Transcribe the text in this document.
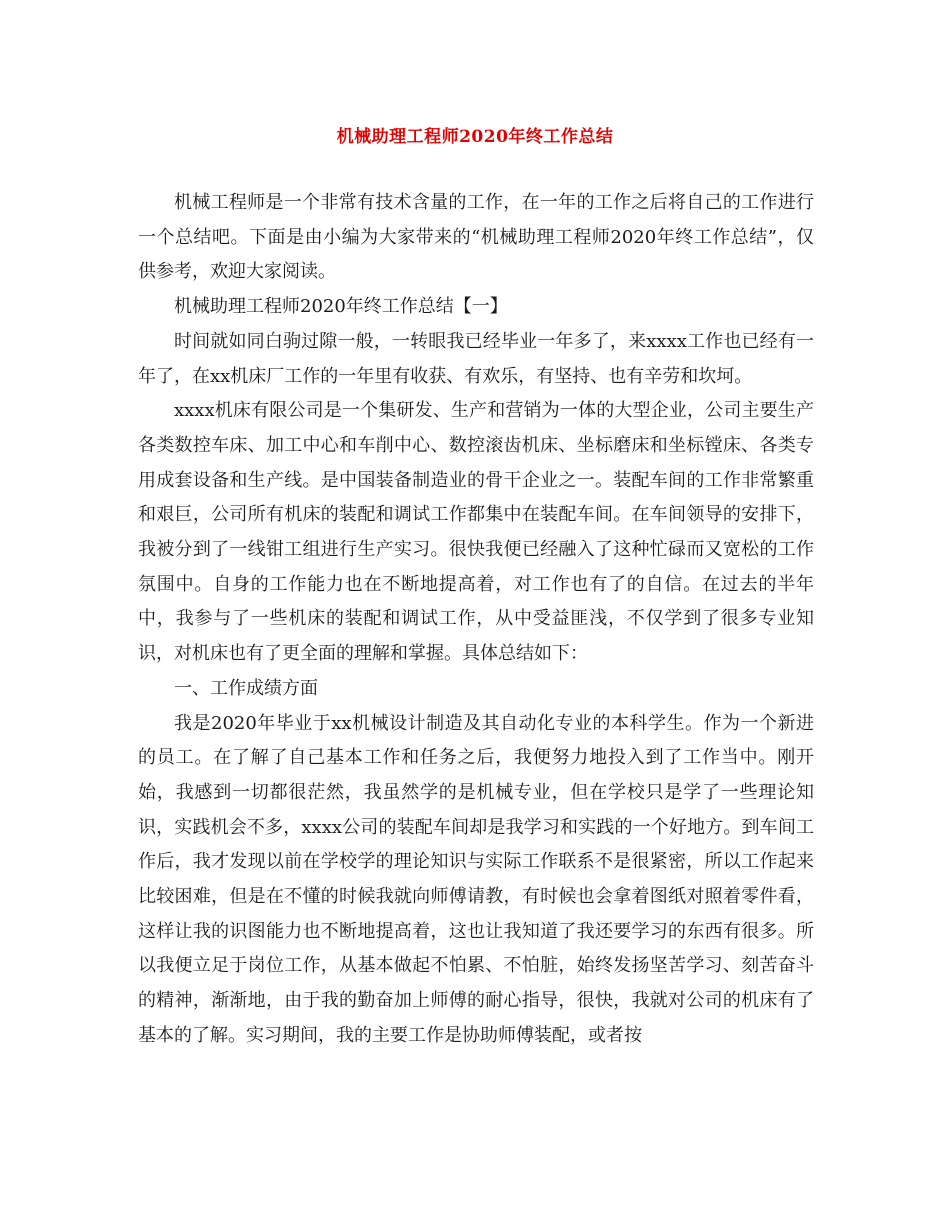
机械助理工程师2020年终工作总结

机械工程师是一个非常有技术含量的工作，在一年的工作之后将自己的工作进行一个总结吧。下面是由小编为大家带来的“机械助理工程师2020年终工作总结”，仅供参考，欢迎大家阅读。

机械助理工程师2020年终工作总结【一】

时间就如同白驹过隙一般，一转眼我已经毕业一年多了，来xxxx工作也已经有一年了，在xx机床厂工作的一年里有收获、有欢乐，有坚持、也有辛劳和坎坷。

xxxx机床有限公司是一个集研发、生产和营销为一体的大型企业，公司主要生产各类数控车床、加工中心和车削中心、数控滚齿机床、坐标磨床和坐标镗床、各类专用成套设备和生产线。是中国装备制造业的骨干企业之一。装配车间的工作非常繁重和艰巨，公司所有机床的装配和调试工作都集中在装配车间。在车间领导的安排下，我被分到了一线钳工组进行生产实习。很快我便已经融入了这种忙碌而又宽松的工作氛围中。自身的工作能力也在不断地提高着，对工作也有了的自信。在过去的半年中，我参与了一些机床的装配和调试工作，从中受益匪浅，不仅学到了很多专业知识，对机床也有了更全面的理解和掌握。具体总结如下：

一、工作成绩方面

我是2020年毕业于xx机械设计制造及其自动化专业的本科学生。作为一个新进的员工。在了解了自己基本工作和任务之后，我便努力地投入到了工作当中。刚开始，我感到一切都很茫然，我虽然学的是机械专业，但在学校只是学了一些理论知识，实践机会不多，xxxx公司的装配车间却是我学习和实践的一个好地方。到车间工作后，我才发现以前在学校学的理论知识与实际工作联系不是很紧密，所以工作起来比较困难，但是在不懂的时候我就向师傅请教，有时候也会拿着图纸对照着零件看，这样让我的识图能力也不断地提高着，这也让我知道了我还要学习的东西有很多。所以我便立足于岗位工作，从基本做起不怕累、不怕脏，始终发扬坚苦学习、刻苦奋斗的精神，渐渐地，由于我的勤奋加上师傅的耐心指导，很快，我就对公司的机床有了基本的了解。实习期间，我的主要工作是协助师傅装配，或者按
